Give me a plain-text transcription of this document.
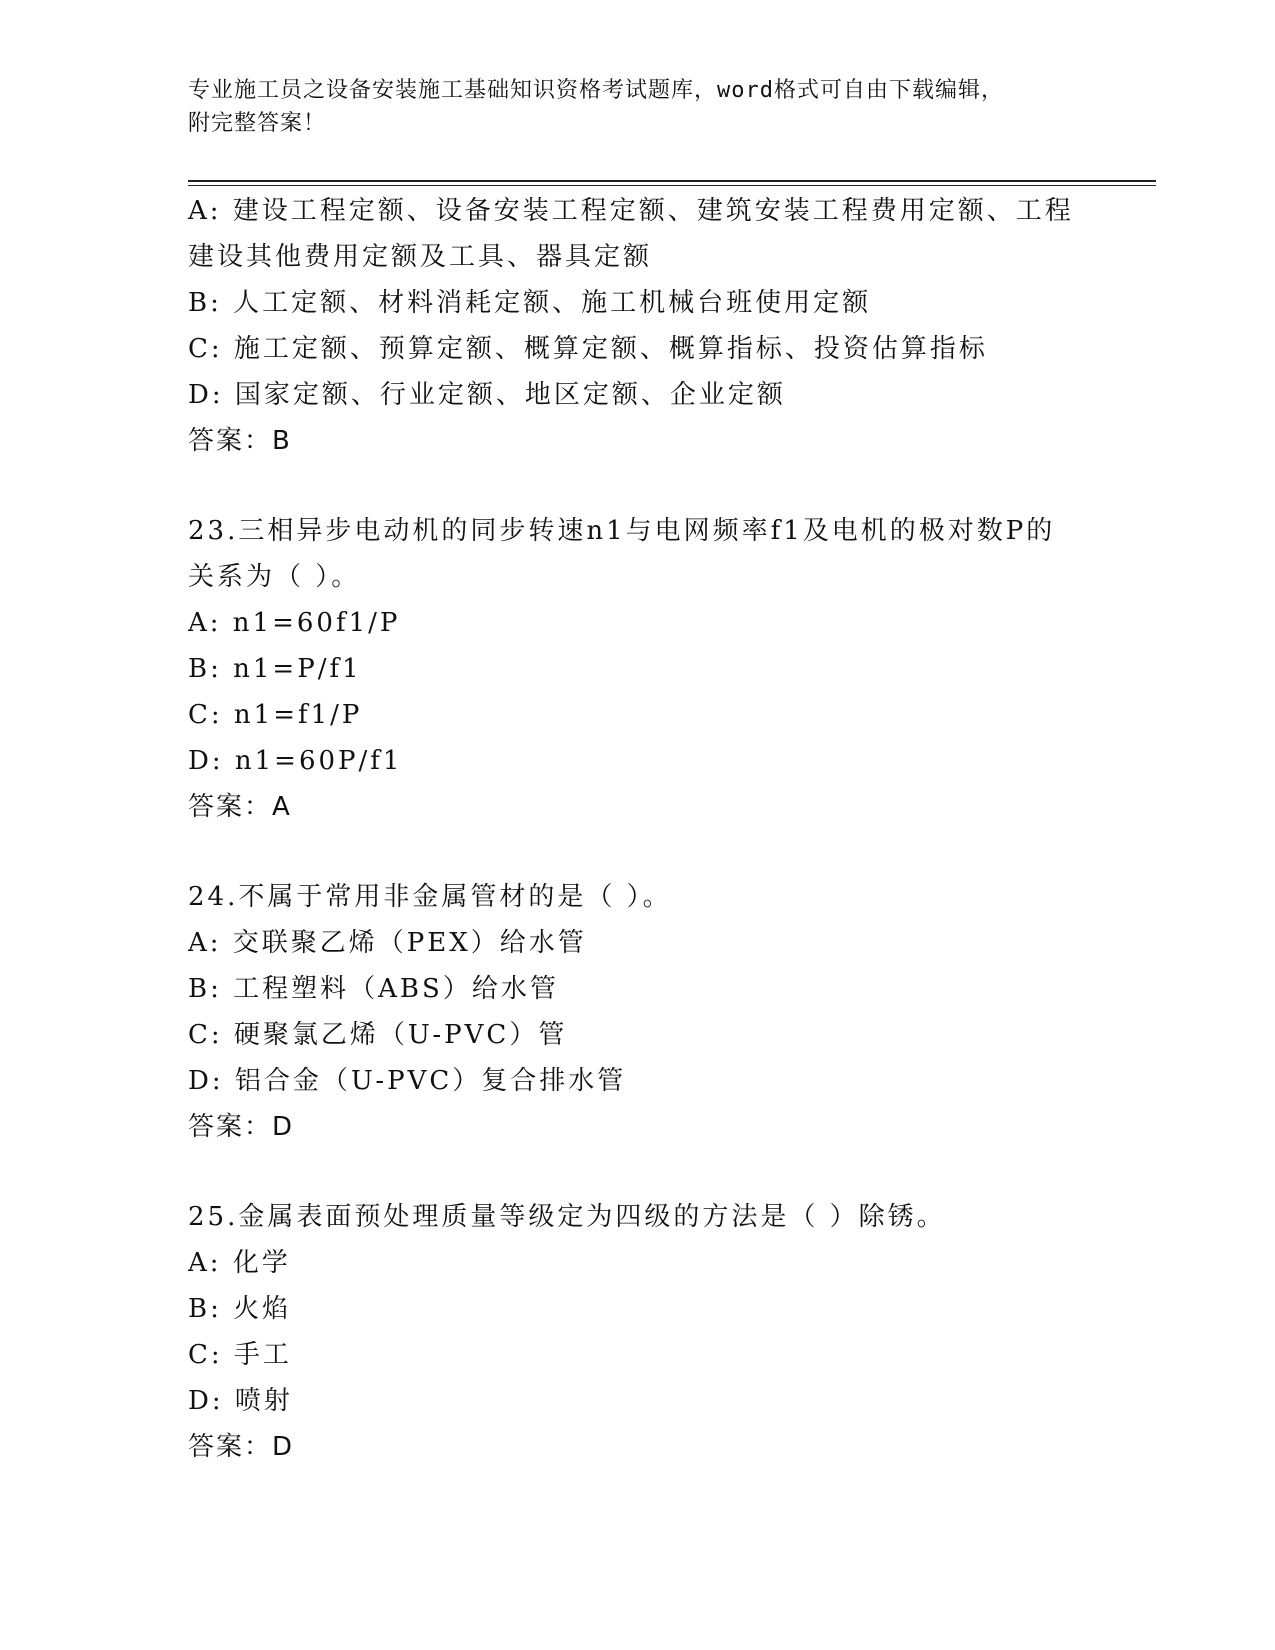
专业施工员之设备安装施工基础知识资格考试题库，word格式可自由下载编辑，
附完整答案！
A: 建设工程定额、设备安装工程定额、建筑安装工程费用定额、工程
建设其他费用定额及工具、器具定额
B: 人工定额、材料消耗定额、施工机械台班使用定额
C: 施工定额、预算定额、概算定额、概算指标、投资估算指标
D: 国家定额、行业定额、地区定额、企业定额
答案：B
23.三相异步电动机的同步转速n1与电网频率f1及电机的极对数P的
关系为（ ）。
A: n1=60f1/P
B: n1=P/f1
C: n1=f1/P
D: n1=60P/f1
答案：A
24.不属于常用非金属管材的是（ ）。
A: 交联聚乙烯（PEX）给水管
B: 工程塑料（ABS）给水管
C: 硬聚氯乙烯（U-PVC）管
D: 铝合金（U-PVC）复合排水管
答案：D
25.金属表面预处理质量等级定为四级的方法是（ ）除锈。
A: 化学
B: 火焰
C: 手工
D: 喷射
答案：D
